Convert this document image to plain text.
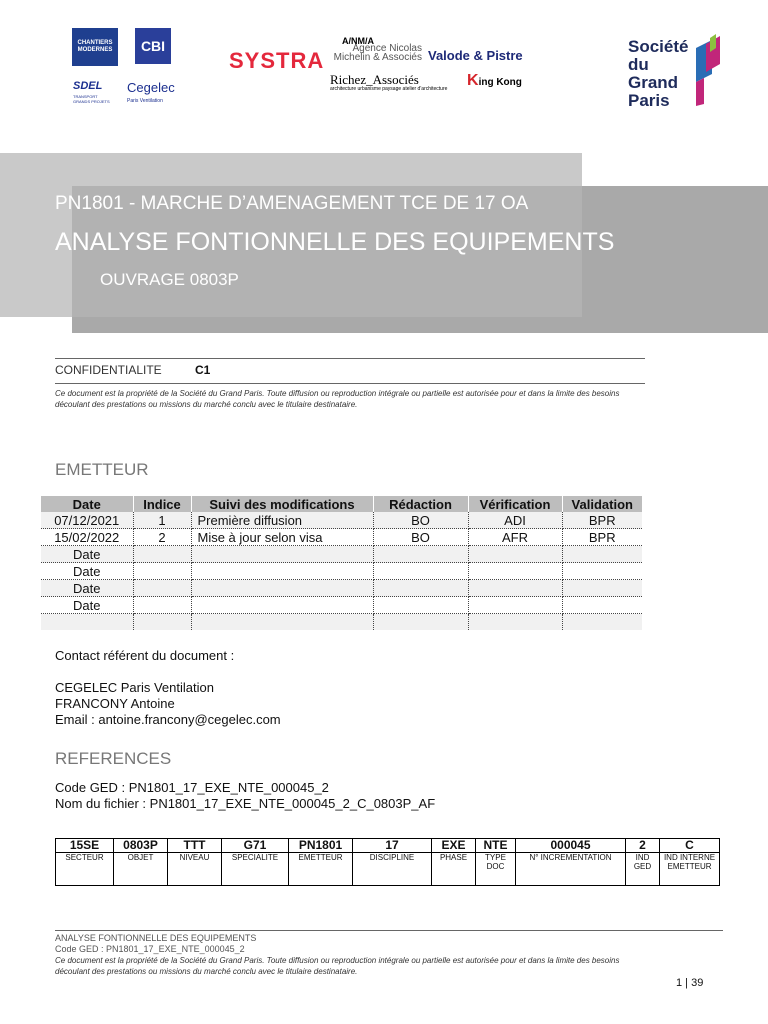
CHANTIERS MODERNES	CBI
SDEL
TRANSPORT GRANDS PROJETS
Cegelec
Paris Ventilation
SYSTRA
A/NM/A
Agence Nicolas Michelin & Associés Valode & Pistre
Richez_Associés
architecture urbanisme paysage atelier d'architecture King Kong
Société du Grand Paris
PN1801 - MARCHE D’AMENAGEMENT TCE DE 17 OA
ANALYSE FONTIONNELLE DES EQUIPEMENTS
OUVRAGE 0803P
CONFIDENTIALITE	C1
Ce document est la propriété de la Société du Grand Paris. Toute diffusion ou reproduction intégrale ou partielle est autorisée pour et dans la limite des besoins
découlant des prestations ou missions du marché conclu avec le titulaire destinataire.
EMETTEUR
Date	Indice	Suivi des modifications	Rédaction	Vérification	Validation
07/12/2021	1	Première diffusion	BO	ADI	BPR
15/02/2022	2	Mise à jour selon visa	BO	AFR	BPR
Date					
Date					
Date					
Date					

Contact référent du document :
CEGELEC Paris Ventilation
FRANCONY Antoine
Email : antoine.francony@cegelec.com
REFERENCES
Code GED : PN1801_17_EXE_NTE_000045_2
Nom du fichier : PN1801_17_EXE_NTE_000045_2_C_0803P_AF
15SE	0803P	TTT	G71	PN1801	17	EXE	NTE	000045	2	C
SECTEUR	OBJET	NIVEAU	SPECIALITE	EMETTEUR	DISCIPLINE	PHASE	TYPE DOC	N° INCREMENTATION	IND GED	IND INTERNE EMETTEUR
ANALYSE FONTIONNELLE DES EQUIPEMENTS
Code GED : PN1801_17_EXE_NTE_000045_2
Ce document est la propriété de la Société du Grand Paris. Toute diffusion ou reproduction intégrale ou partielle est autorisée pour et dans la limite des besoins
découlant des prestations ou missions du marché conclu avec le titulaire destinataire.
1 | 39
